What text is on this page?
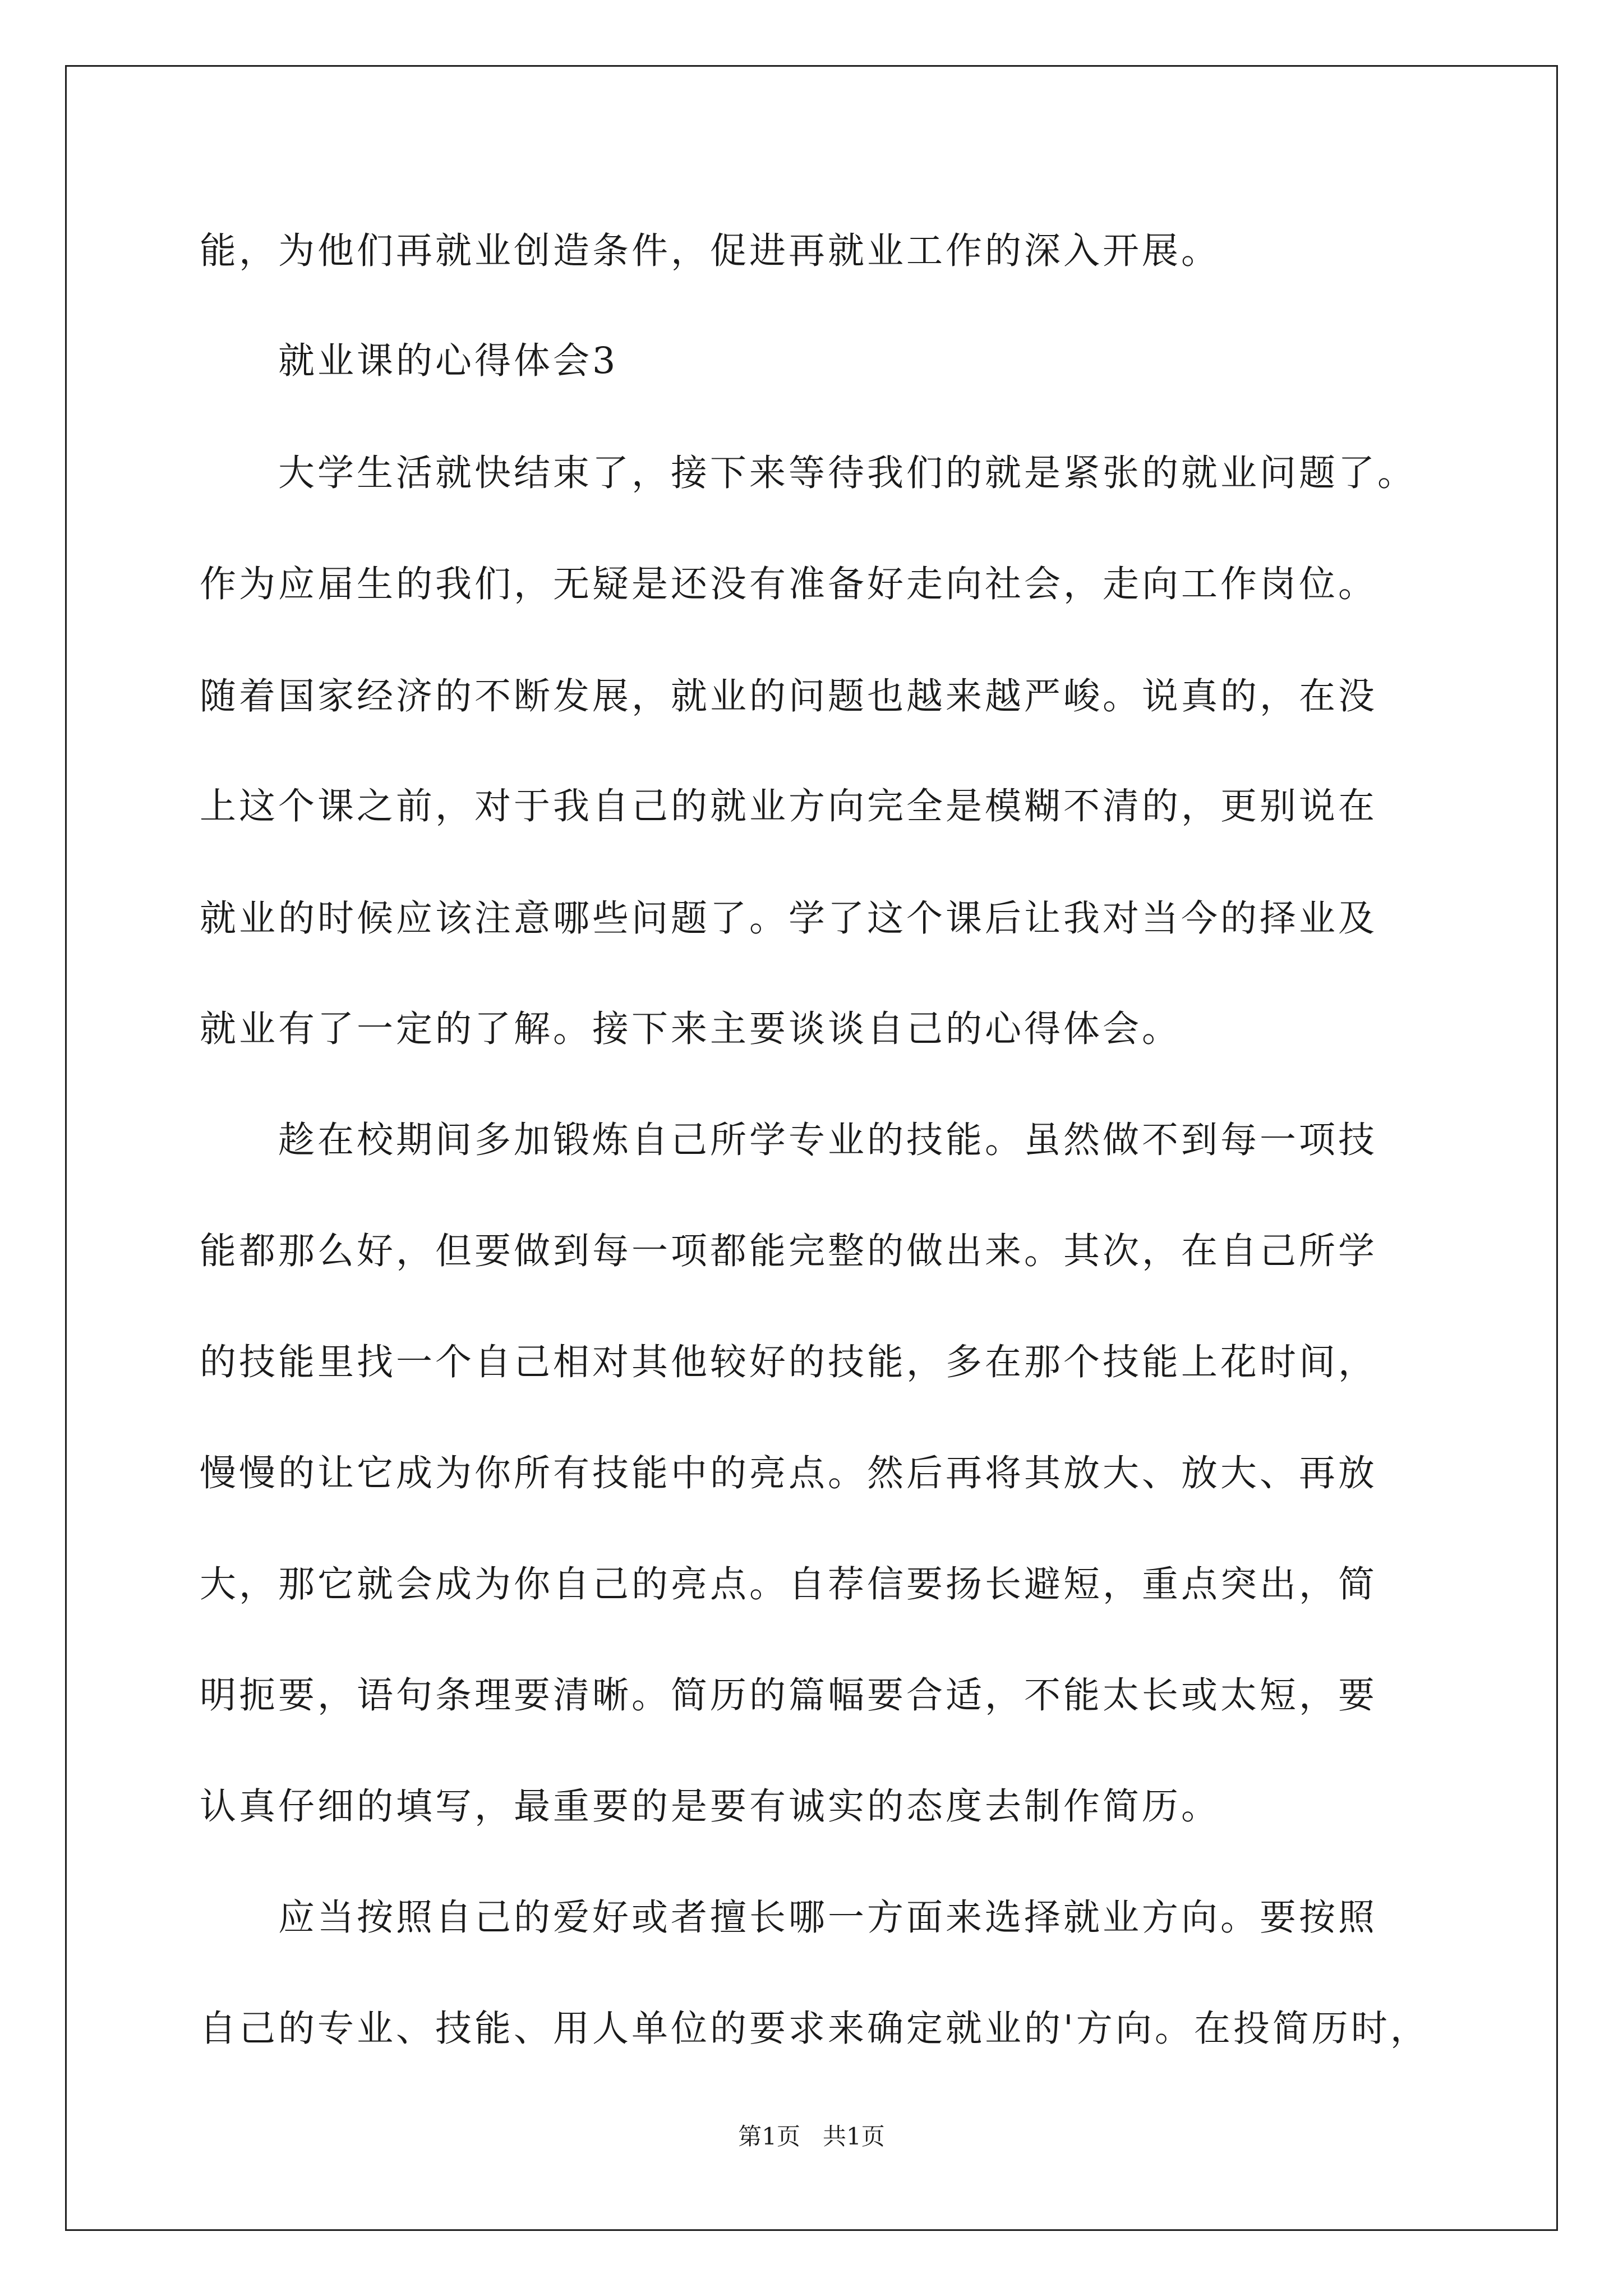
能，为他们再就业创造条件，促进再就业工作的深入开展。
　　就业课的心得体会3
　　大学生活就快结束了，接下来等待我们的就是紧张的就业问题了。
作为应届生的我们，无疑是还没有准备好走向社会，走向工作岗位。
随着国家经济的不断发展，就业的问题也越来越严峻。说真的，在没
上这个课之前，对于我自己的就业方向完全是模糊不清的，更别说在
就业的时候应该注意哪些问题了。学了这个课后让我对当今的择业及
就业有了一定的了解。接下来主要谈谈自己的心得体会。
　　趁在校期间多加锻炼自己所学专业的技能。虽然做不到每一项技
能都那么好，但要做到每一项都能完整的做出来。其次，在自己所学
的技能里找一个自己相对其他较好的技能，多在那个技能上花时间，
慢慢的让它成为你所有技能中的亮点。然后再将其放大、放大、再放
大，那它就会成为你自己的亮点。自荐信要扬长避短，重点突出，简
明扼要，语句条理要清晰。简历的篇幅要合适，不能太长或太短，要
认真仔细的填写，最重要的是要有诚实的态度去制作简历。
　　应当按照自己的爱好或者擅长哪一方面来选择就业方向。要按照
自己的专业、技能、用人单位的要求来确定就业的'方向。在投简历时，
第1页 共1页
